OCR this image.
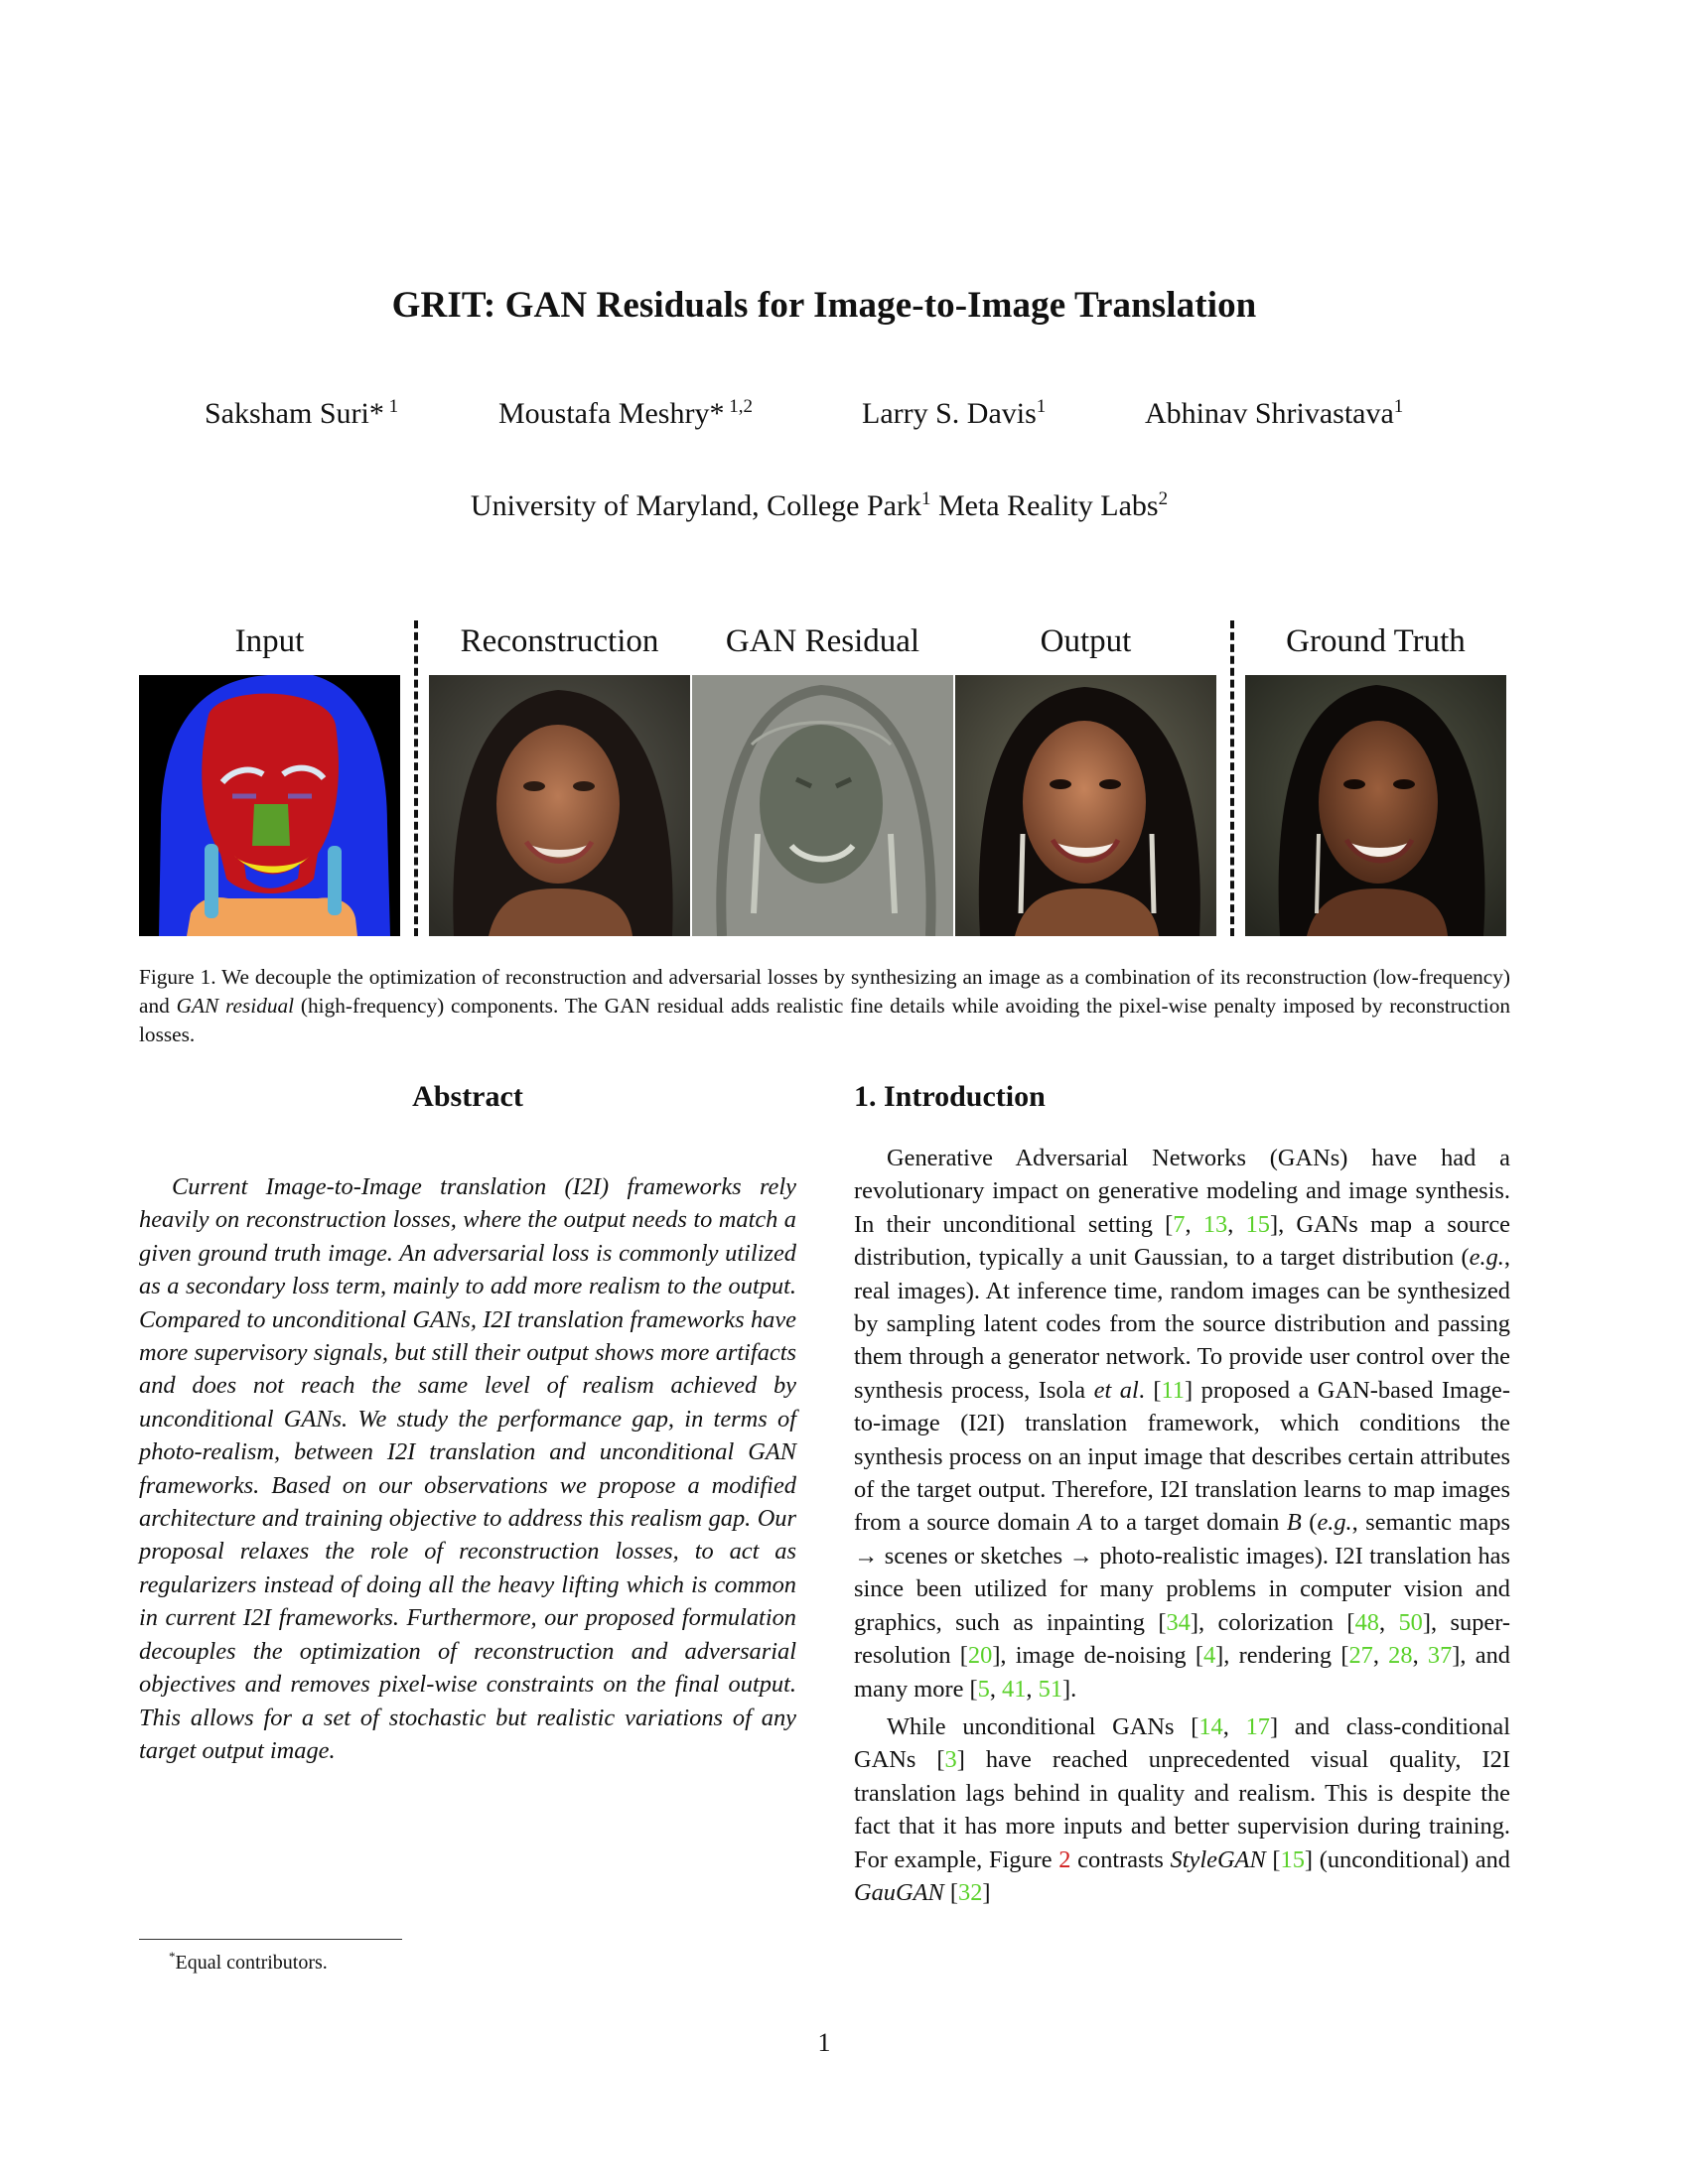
GRIT: GAN Residuals for Image-to-Image Translation
Saksham Suri* $^1$	Moustafa Meshry* $^{1,2}$	Larry S. Davis$^1$	Abhinav Shrivastava$^1$
University of Maryland, College Park$^1$ Meta Reality Labs$^2$
Input	Reconstruction	GAN Residual	Output	Ground Truth
Figure 1. We decouple the optimization of reconstruction and adversarial losses by synthesizing an image as a combination of its reconstruction (low-frequency) and GAN residual (high-frequency) components. The GAN residual adds realistic fine details while avoiding the pixel-wise penalty imposed by reconstruction losses.
Abstract

Current Image-to-Image translation (I2I) frameworks rely heavily on reconstruction losses, where the output needs to match a given ground truth image. An adversarial loss is commonly utilized as a secondary loss term, mainly to add more realism to the output. Compared to unconditional GANs, I2I translation frameworks have more supervisory signals, but still their output shows more artifacts and does not reach the same level of realism achieved by unconditional GANs. We study the performance gap, in terms of photo-realism, between I2I translation and unconditional GAN frameworks. Based on our observations we propose a modified architecture and training objective to address this realism gap. Our proposal relaxes the role of reconstruction losses, to act as regularizers instead of doing all the heavy lifting which is common in current I2I frameworks. Furthermore, our proposed formulation decouples the optimization of reconstruction and adversarial objectives and removes pixel-wise constraints on the final output. This allows for a set of stochastic but realistic variations of any target output image.

1. Introduction

Generative Adversarial Networks (GANs) have had a revolutionary impact on generative modeling and image synthesis. In their unconditional setting [7, 13, 15], GANs map a source distribution, typically a unit Gaussian, to a target distribution (e.g., real images). At inference time, random images can be synthesized by sampling latent codes from the source distribution and passing them through a generator network. To provide user control over the synthesis process, Isola et al. [11] proposed a GAN-based Image-to-image (I2I) translation framework, which conditions the synthesis process on an input image that describes certain attributes of the target output. Therefore, I2I translation learns to map images from a source domain A to a target domain B (e.g., semantic maps → scenes or sketches → photo-realistic images). I2I translation has since been utilized for many problems in computer vision and graphics, such as inpainting [34], colorization [48, 50], super-resolution [20], image de-noising [4], rendering [27, 28, 37], and many more [5, 41, 51].

While unconditional GANs [14, 17] and class-conditional GANs [3] have reached unprecedented visual quality, I2I translation lags behind in quality and realism. This is despite the fact that it has more inputs and better supervision during training. For example, Figure 2 contrasts StyleGAN [15] (unconditional) and GauGAN [32]

*Equal contributors.
1
